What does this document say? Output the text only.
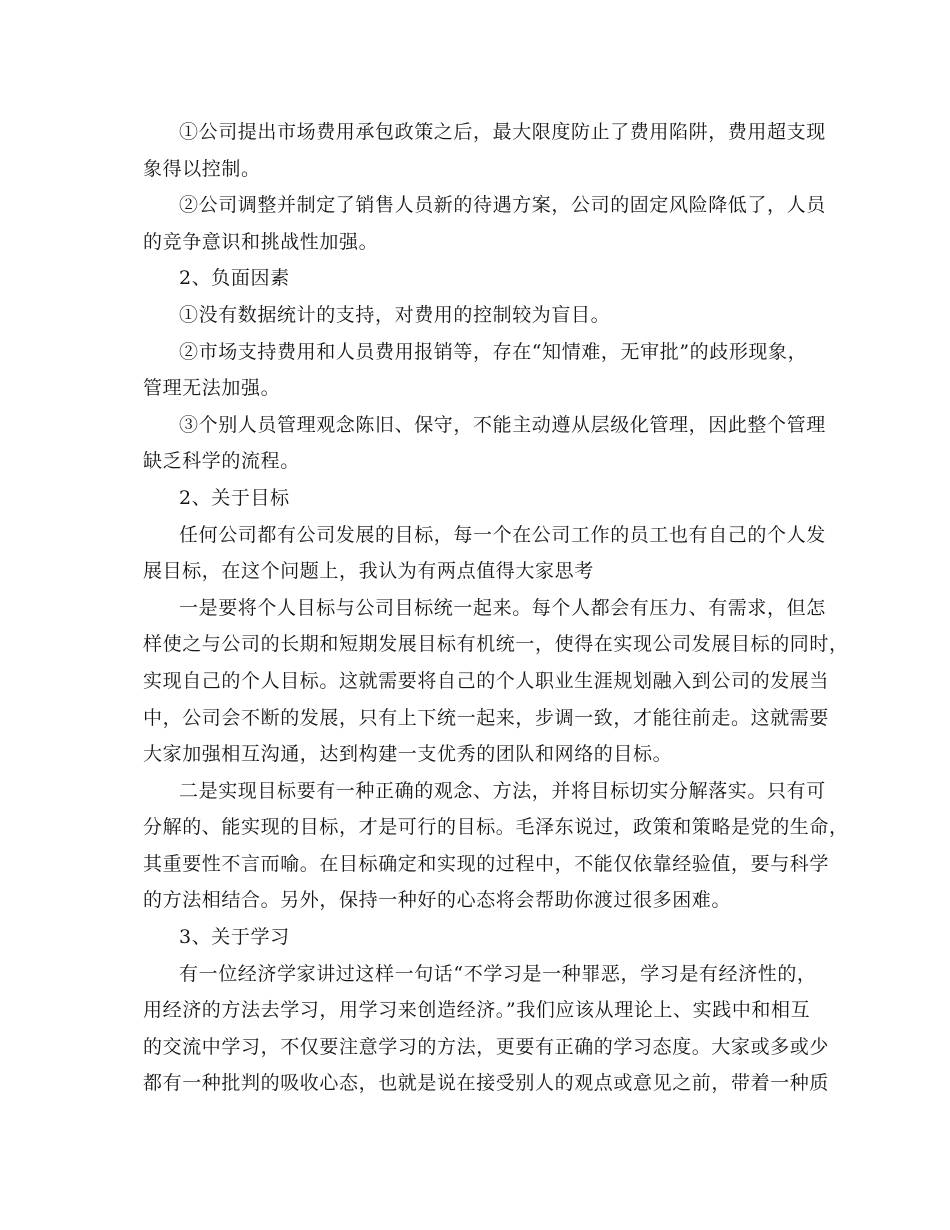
①公司提出市场费用承包政策之后，最大限度防止了费用陷阱，费用超支现
象得以控制。
②公司调整并制定了销售人员新的待遇方案，公司的固定风险降低了，人员
的竞争意识和挑战性加强。
2、负面因素
①没有数据统计的支持，对费用的控制较为盲目。
②市场支持费用和人员费用报销等，存在“知情难，无审批”的歧形现象，
管理无法加强。
③个别人员管理观念陈旧、保守，不能主动遵从层级化管理，因此整个管理
缺乏科学的流程。
2、关于目标
任何公司都有公司发展的目标，每一个在公司工作的员工也有自己的个人发
展目标，在这个问题上，我认为有两点值得大家思考
一是要将个人目标与公司目标统一起来。每个人都会有压力、有需求，但怎
样使之与公司的长期和短期发展目标有机统一，使得在实现公司发展目标的同时，
实现自己的个人目标。这就需要将自己的个人职业生涯规划融入到公司的发展当
中，公司会不断的发展，只有上下统一起来，步调一致，才能往前走。这就需要
大家加强相互沟通，达到构建一支优秀的团队和网络的目标。
二是实现目标要有一种正确的观念、方法，并将目标切实分解落实。只有可
分解的、能实现的目标，才是可行的目标。毛泽东说过，政策和策略是党的生命，
其重要性不言而喻。在目标确定和实现的过程中，不能仅依靠经验值，要与科学
的方法相结合。另外，保持一种好的心态将会帮助你渡过很多困难。
3、关于学习
有一位经济学家讲过这样一句话“不学习是一种罪恶，学习是有经济性的，
用经济的方法去学习，用学习来创造经济。”我们应该从理论上、实践中和相互
的交流中学习，不仅要注意学习的方法，更要有正确的学习态度。大家或多或少
都有一种批判的吸收心态，也就是说在接受别人的观点或意见之前，带着一种质
